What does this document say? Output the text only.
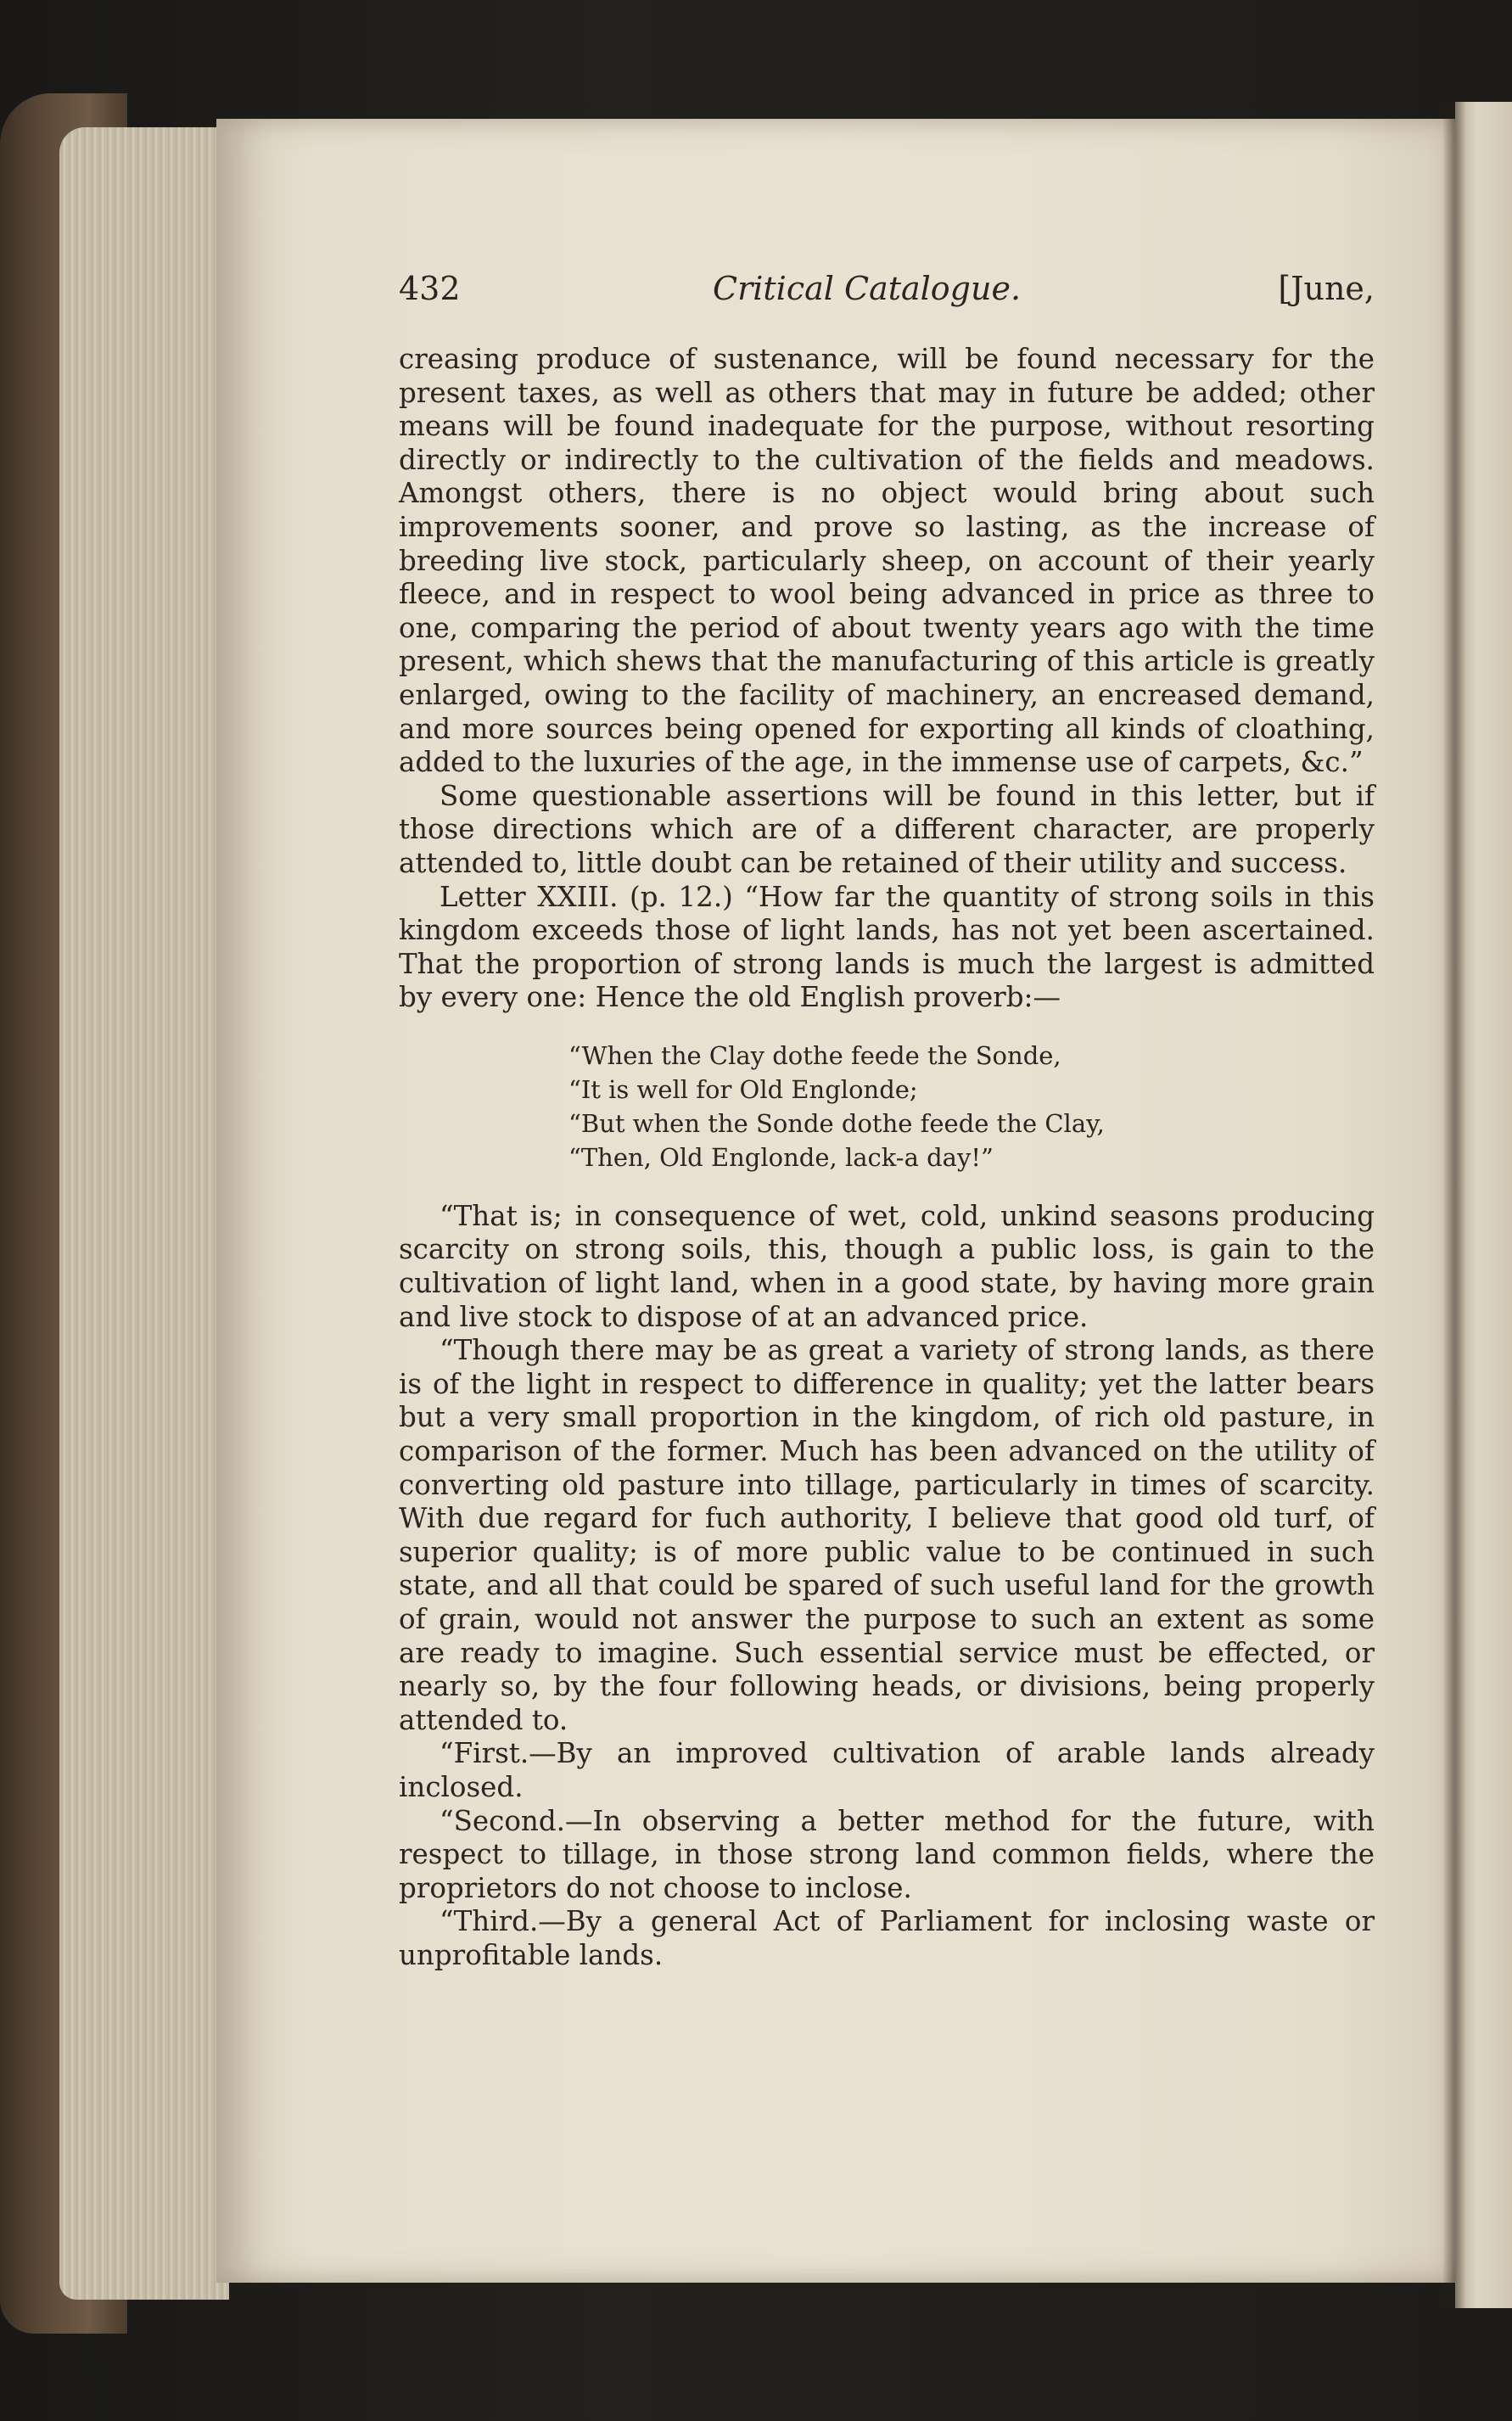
432	Critical Catalogue.	[June,

creasing produce of sustenance, will be found necessary for the present taxes, as well as others that may in future be added; other means will be found inadequate for the purpose, without resorting directly or indirectly to the cultivation of the fields and meadows. Amongst others, there is no object would bring about such improvements sooner, and prove so lasting, as the increase of breeding live stock, particularly sheep, on account of their yearly fleece, and in respect to wool being advanced in price as three to one, comparing the period of about twenty years ago with the time present, which shews that the manufacturing of this article is greatly enlarged, owing to the facility of machinery, an encreased demand, and more sources being opened for exporting all kinds of cloathing, added to the luxuries of the age, in the immense use of carpets, &c.”

Some questionable assertions will be found in this letter, but if those directions which are of a different character, are properly attended to, little doubt can be retained of their utility and success.

Letter XXIII. (p. 12.) “How far the quantity of strong soils in this kingdom exceeds those of light lands, has not yet been ascertained. That the proportion of strong lands is much the largest is admitted by every one: Hence the old English proverb:—

“When the Clay dothe feede the Sonde,
“It is well for Old Englonde;
“But when the Sonde dothe feede the Clay,
“Then, Old Englonde, lack-a day!”

“That is; in consequence of wet, cold, unkind seasons producing scarcity on strong soils, this, though a public loss, is gain to the cultivation of light land, when in a good state, by having more grain and live stock to dispose of at an advanced price.

“Though there may be as great a variety of strong lands, as there is of the light in respect to difference in quality; yet the latter bears but a very small proportion in the kingdom, of rich old pasture, in comparison of the former. Much has been advanced on the utility of converting old pasture into tillage, particularly in times of scarcity. With due regard for fuch authority, I believe that good old turf, of superior quality; is of more public value to be continued in such state, and all that could be spared of such useful land for the growth of grain, would not answer the purpose to such an extent as some are ready to imagine. Such essential service must be effected, or nearly so, by the four following heads, or divisions, being properly attended to.

“First.—By an improved cultivation of arable lands already inclosed.

“Second.—In observing a better method for the future, with respect to tillage, in those strong land common fields, where the proprietors do not choose to inclose.

“Third.—By a general Act of Parliament for inclosing waste or unprofitable lands.
